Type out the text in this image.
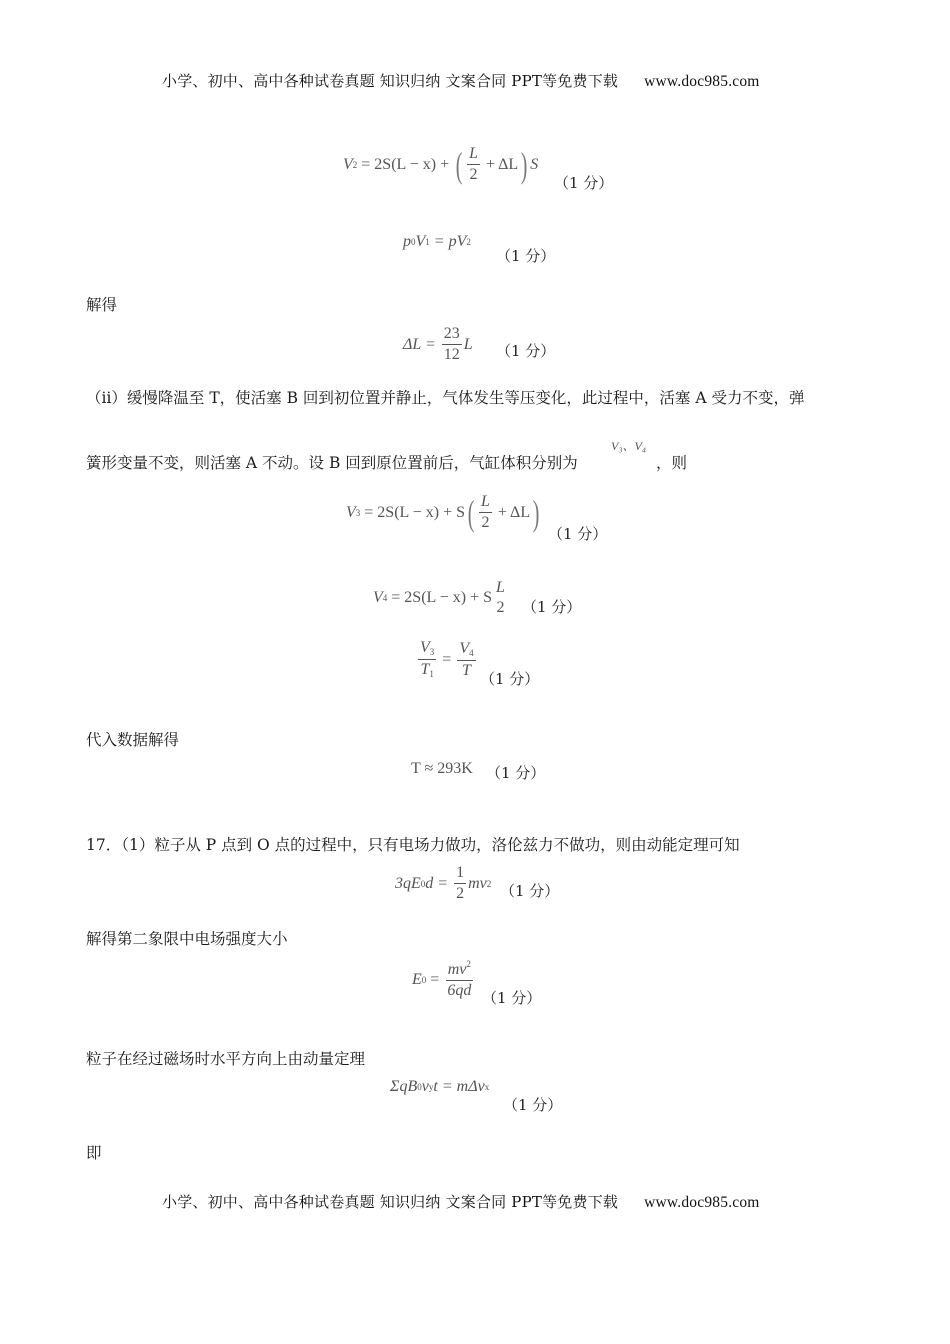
小学、初中、高中各种试卷真题 知识归纳 文案合同 PPT等免费下载 www.doc985.com
V 2 = 2S(L − x) + ( $\frac{L}{2} + \Delta L$ ) S
（1 分）
p 0 V 1 = pV 2
（1 分）
解得
$\Delta L = \frac{23}{12}$ L （1 分）
（ⅱ）缓慢降温至 T，使活塞 B 回到初位置并静止，气体发生等压变化，此过程中，活塞 A 受力不变，弹
簧形变量不变，则活塞 A 不动。设 B 回到原位置前后，气缸体积分别为
V₃、V₄
，则
V 3 = 2S(L − x) + S ( $\frac{L}{2} + \Delta L$ )
（1 分）
V 4 = 2S(L − x) + S
L
2 （1 分）
$\frac{V_3}{T_1} = \frac{V_4}{T}$
（1 分）
代入数据解得
T ≈ 293K （1 分）
17．（1）粒子从 P 点到 O 点的过程中，只有电场力做功，洛伦兹力不做功，则由动能定理可知
3qE 0 $d = \frac{1}{2}$ mv 2 （1 分）
解得第二象限中电场强度大小
E $0 = \frac{mv^2}{6qd} (1$ 分）
粒子在经过磁场时水平方向上由动量定理
ΣqB 0 v y t = mΔv x
（1 分）
即
小学、初中、高中各种试卷真题 知识归纳 文案合同 PPT等免费下载 www.doc985.com
